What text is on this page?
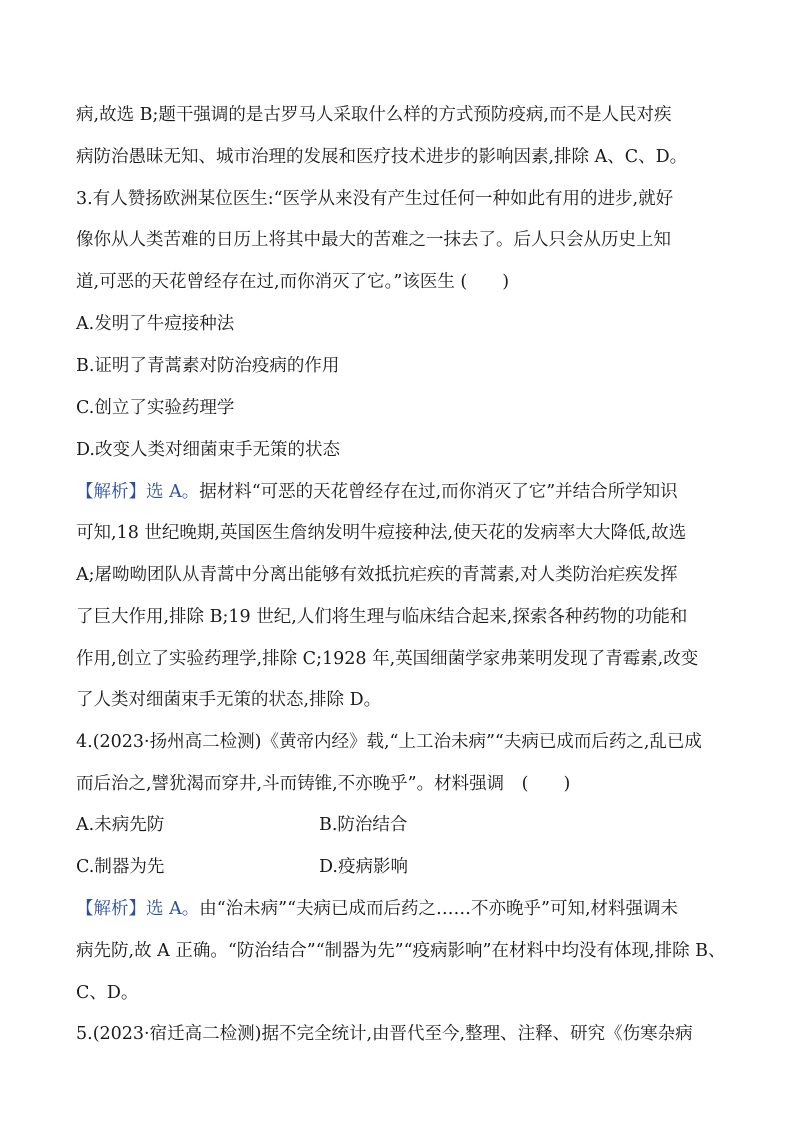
病,故选 B;题干强调的是古罗马人采取什么样的方式预防疫病,而不是人民对疾
病防治愚昧无知、城市治理的发展和医疗技术进步的影响因素,排除 A、C、D。
3.有人赞扬欧洲某位医生:“医学从来没有产生过任何一种如此有用的进步,就好
像你从人类苦难的日历上将其中最大的苦难之一抹去了。后人只会从历史上知
道,可恶的天花曾经存在过,而你消灭了它。”该医生 (　　)
A.发明了牛痘接种法
B.证明了青蒿素对防治疫病的作用
C.创立了实验药理学
D.改变人类对细菌束手无策的状态
【解析】选 A。据材料“可恶的天花曾经存在过,而你消灭了它”并结合所学知识
可知,18 世纪晚期,英国医生詹纳发明牛痘接种法,使天花的发病率大大降低,故选
A;屠呦呦团队从青蒿中分离出能够有效抵抗疟疾的青蒿素,对人类防治疟疾发挥
了巨大作用,排除 B;19 世纪,人们将生理与临床结合起来,探索各种药物的功能和
作用,创立了实验药理学,排除 C;1928 年,英国细菌学家弗莱明发现了青霉素,改变
了人类对细菌束手无策的状态,排除 D。
4.(2023·扬州高二检测)《黄帝内经》载,“上工治未病”“夫病已成而后药之,乱已成
而后治之,譬犹渴而穿井,斗而铸锥,不亦晚乎”。材料强调　(　　)
A.未病先防	B.防治结合
C.制器为先	D.疫病影响
【解析】选 A。由“治未病”“夫病已成而后药之……不亦晚乎”可知,材料强调未
病先防,故 A 正确。“防治结合”“制器为先”“疫病影响”在材料中均没有体现,排除 B、
C、D。
5.(2023·宿迁高二检测)据不完全统计,由晋代至今,整理、注释、研究《伤寒杂病
